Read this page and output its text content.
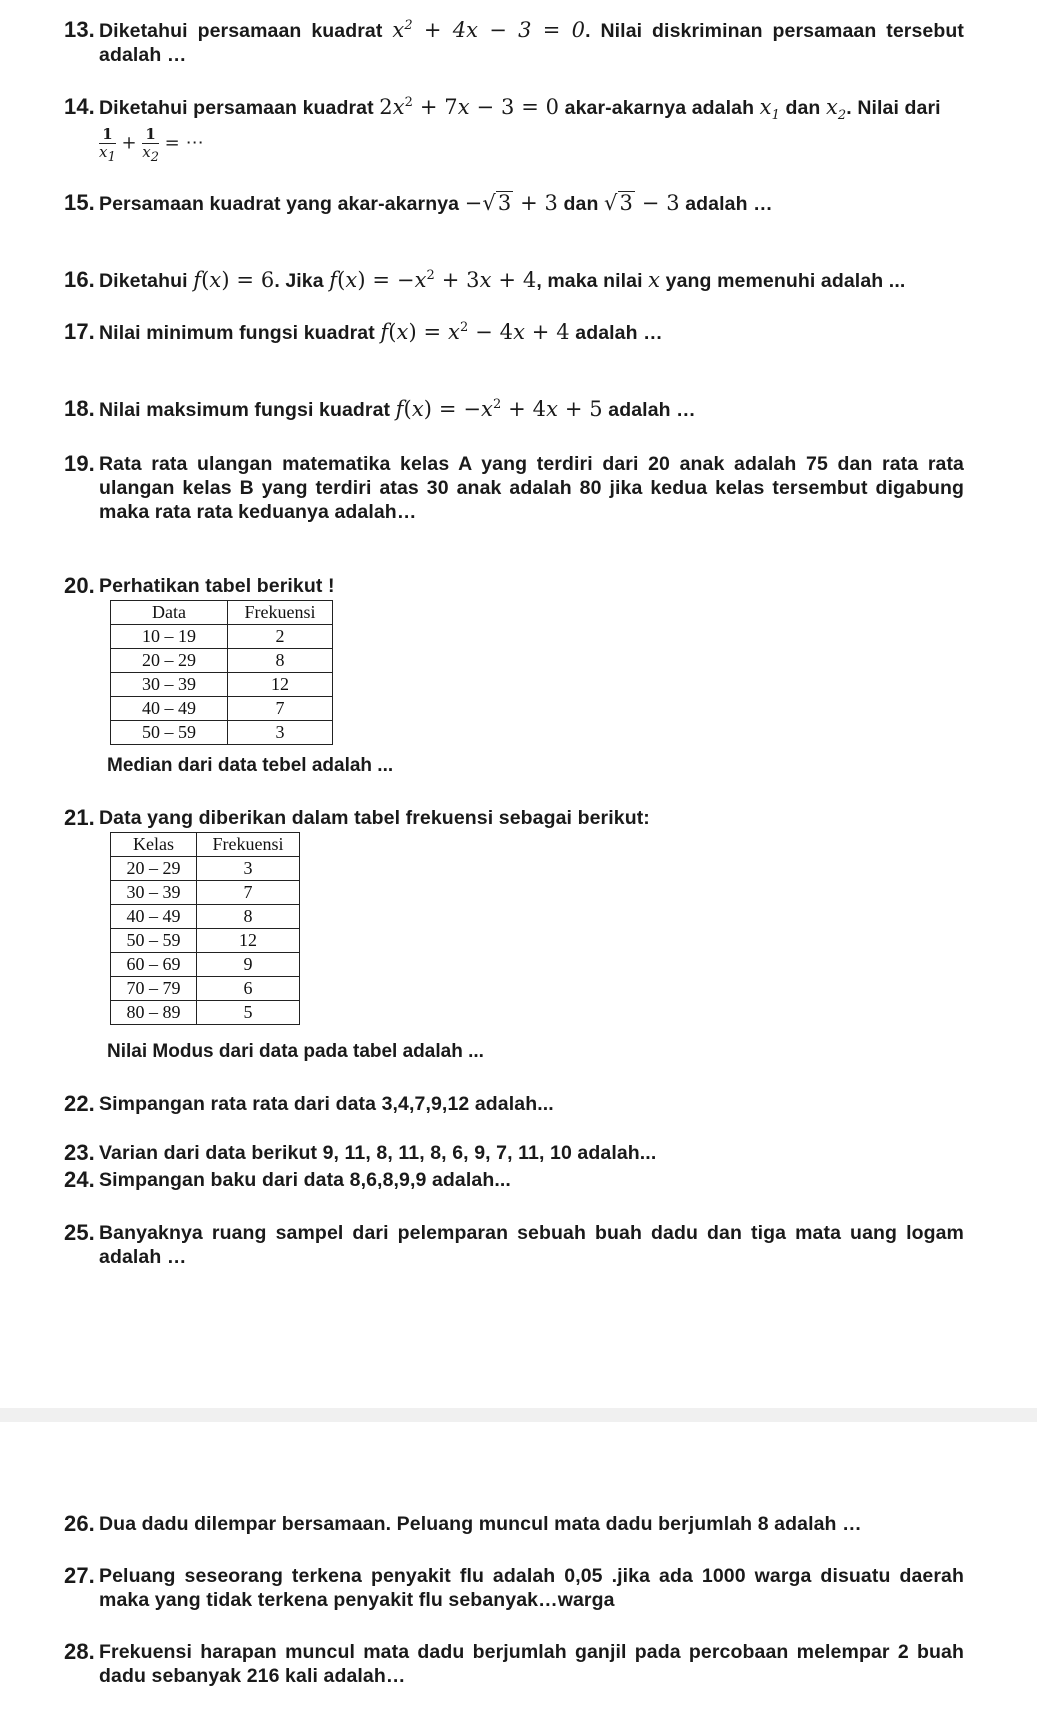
13. Diketahui persamaan kuadrat $x^2 + 4x - 3 = 0$. Nilai diskriminan persamaan tersebut
adalah …
14. Diketahui persamaan kuadrat $2x^2 + 7x - 3 = 0$ akar-akarnya adalah $x_1$ dan $x_2$. Nilai dari
$\frac{1}{x_1} + \frac{1}{x_2}$ = ⋯
15. Persamaan kuadrat yang akar-akarnya −√3 + 3 dan √3 − 3 adalah …
16. Diketahui f(x) = 6. Jika $f(x) = -x^2 + 3x + 4$, maka nilai x yang memenuhi adalah ...
17. Nilai minimum fungsi kuadrat $f(x) = x^2 - 4x + 4$ adalah …
18. Nilai maksimum fungsi kuadrat $f(x) = -x^2 + 4x + 5$ adalah …
19. Rata rata ulangan matematika kelas A yang terdiri dari 20 anak adalah 75 dan rata rata ulangan kelas B yang terdiri atas 30 anak adalah 80 jika kedua kelas tersembut digabung maka rata rata keduanya adalah…
20. Perhatikan tabel berikut !
Data	Frekuensi
10 – 19	2
20 – 29	8
30 – 39	12
40 – 49	7
50 – 59	3
Median dari data tebel adalah ...
21. Data yang diberikan dalam tabel frekuensi sebagai berikut:
Kelas	Frekuensi
20 – 29	3
30 – 39	7
40 – 49	8
50 – 59	12
60 – 69	9
70 – 79	6
80 – 89	5
Nilai Modus dari data pada tabel adalah ...
22. Simpangan rata rata dari data 3,4,7,9,12 adalah...
23. Varian dari data berikut 9, 11, 8, 11, 8, 6, 9, 7, 11, 10 adalah...
24. Simpangan baku dari data 8,6,8,9,9 adalah...
25. Banyaknya ruang sampel dari pelemparan sebuah buah dadu dan tiga mata uang logam adalah …
26. Dua dadu dilempar bersamaan. Peluang muncul mata dadu berjumlah 8 adalah …
27. Peluang seseorang terkena penyakit flu adalah 0,05 .jika ada 1000 warga disuatu daerah maka yang tidak terkena penyakit flu sebanyak…warga
28. Frekuensi harapan muncul mata dadu berjumlah ganjil pada percobaan melempar 2 buah dadu sebanyak 216 kali adalah…
